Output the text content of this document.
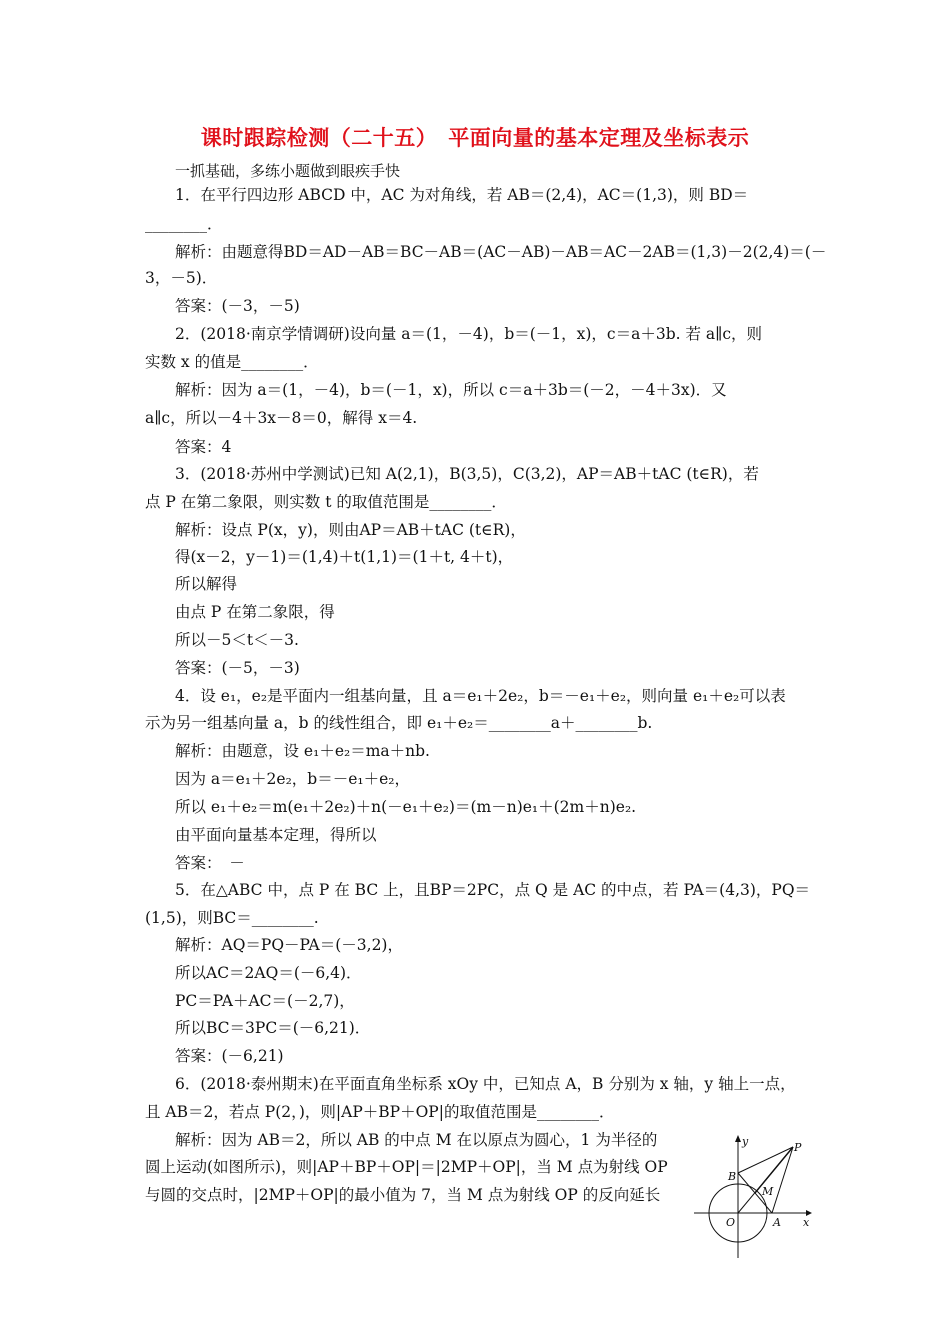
课时跟踪检测（二十五）　平面向量的基本定理及坐标表示
一抓基础，多练小题做到眼疾手快
1．在平行四边形 ABCD 中，AC 为对角线，若 AB＝(2,4)，AC＝(1,3)，则 BD＝
________．
解析：由题意得BD＝AD－AB＝BC－AB＝(AC－AB)－AB＝AC－2AB＝(1,3)－2(2,4)＝(－
3，－5)．
答案：(－3，－5)
2．(2018·南京学情调研)设向量 a＝(1，－4)，b＝(－1，x)，c＝a＋3b. 若 a∥c，则
实数 x 的值是________．
解析：因为 a＝(1，－4)，b＝(－1，x)，所以 c＝a＋3b＝(－2，－4＋3x)．又
a∥c，所以－4＋3x－8＝0，解得 x＝4.
答案：4
3．(2018·苏州中学测试)已知 A(2,1)，B(3,5)，C(3,2)，AP＝AB＋tAC (t∈R)，若
点 P 在第二象限，则实数 t 的取值范围是________．
解析：设点 P(x，y)，则由AP＝AB＋tAC (t∈R)，
得(x－2，y－1)＝(1,4)＋t(1,1)＝(1＋t, 4＋t)，
所以解得
由点 P 在第二象限，得
所以－5＜t＜－3.
答案：(－5，－3)
4．设 e₁，e₂是平面内一组基向量，且 a＝e₁＋2e₂，b＝－e₁＋e₂，则向量 e₁＋e₂可以表
示为另一组基向量 a，b 的线性组合，即 e₁＋e₂＝________a＋________b.
解析：由题意，设 e₁＋e₂＝ma＋nb.
因为 a＝e₁＋2e₂，b＝－e₁＋e₂，
所以 e₁＋e₂＝m(e₁＋2e₂)＋n(－e₁＋e₂)＝(m－n)e₁＋(2m＋n)e₂.
由平面向量基本定理，得所以
答案：　－
5．在△ABC 中，点 P 在 BC 上，且BP＝2PC，点 Q 是 AC 的中点，若 PA＝(4,3)，PQ＝
(1,5)，则BC＝________.
解析：AQ＝PQ－PA＝(－3,2)，
所以AC＝2AQ＝(－6,4)．
PC＝PA＋AC＝(－2,7)，
所以BC＝3PC＝(－6,21)．
答案：(－6,21)
6．(2018·泰州期末)在平面直角坐标系 xOy 中，已知点 A，B 分别为 x 轴，y 轴上一点，
且 AB＝2，若点 P(2，)，则|AP＋BP＋OP|的取值范围是________．
解析：因为 AB＝2，所以 AB 的中点 M 在以原点为圆心，1 为半径的
圆上运动(如图所示)，则|AP＋BP＋OP|＝|2MP＋OP|，当 M 点为射线 OP
与圆的交点时，|2MP＋OP|的最小值为 7，当 M 点为射线 OP 的反向延长
y
x
P
B
M
O	A
